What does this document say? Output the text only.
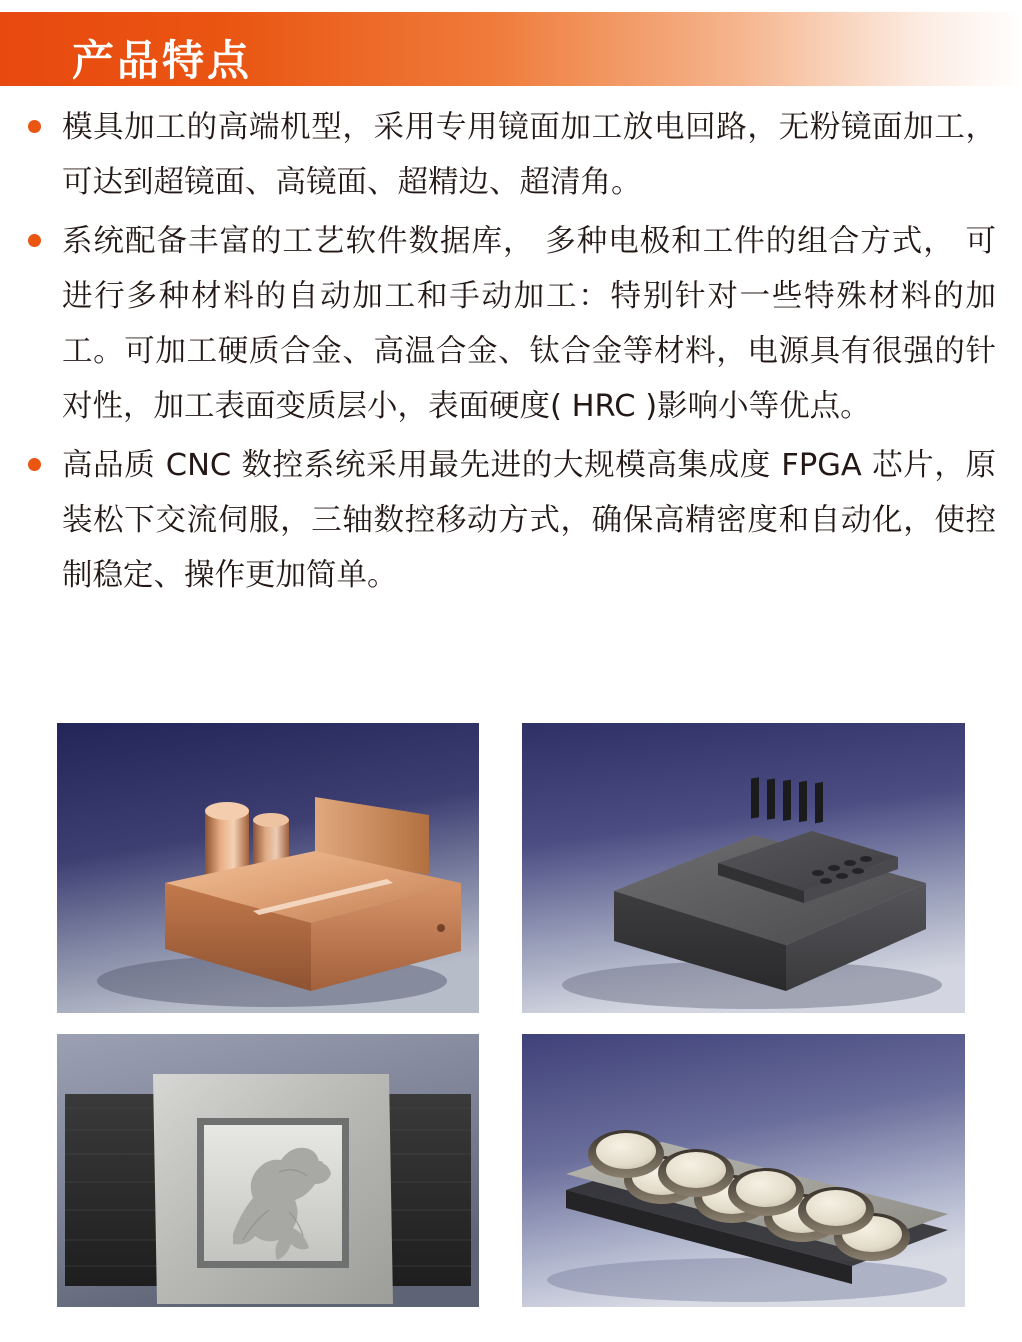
产品特点
模具加工的高端机型，采用专用镜面加工放电回路，无粉镜面加工，可达到超镜面、高镜面、超精边、超清角。
系统配备丰富的工艺软件数据库， 多种电极和工件的组合方式， 可进行多种材料的自动加工和手动加工：特别针对一些特殊材料的加工。可加工硬质合金、高温合金、钛合金等材料，电源具有很强的针对性，加工表面变质层小，表面硬度( HRC )影响小等优点。
高品质 CNC 数控系统采用最先进的大规模高集成度 FPGA 芯片，原装松下交流伺服，三轴数控移动方式，确保高精密度和自动化，使控制稳定、操作更加简单。
